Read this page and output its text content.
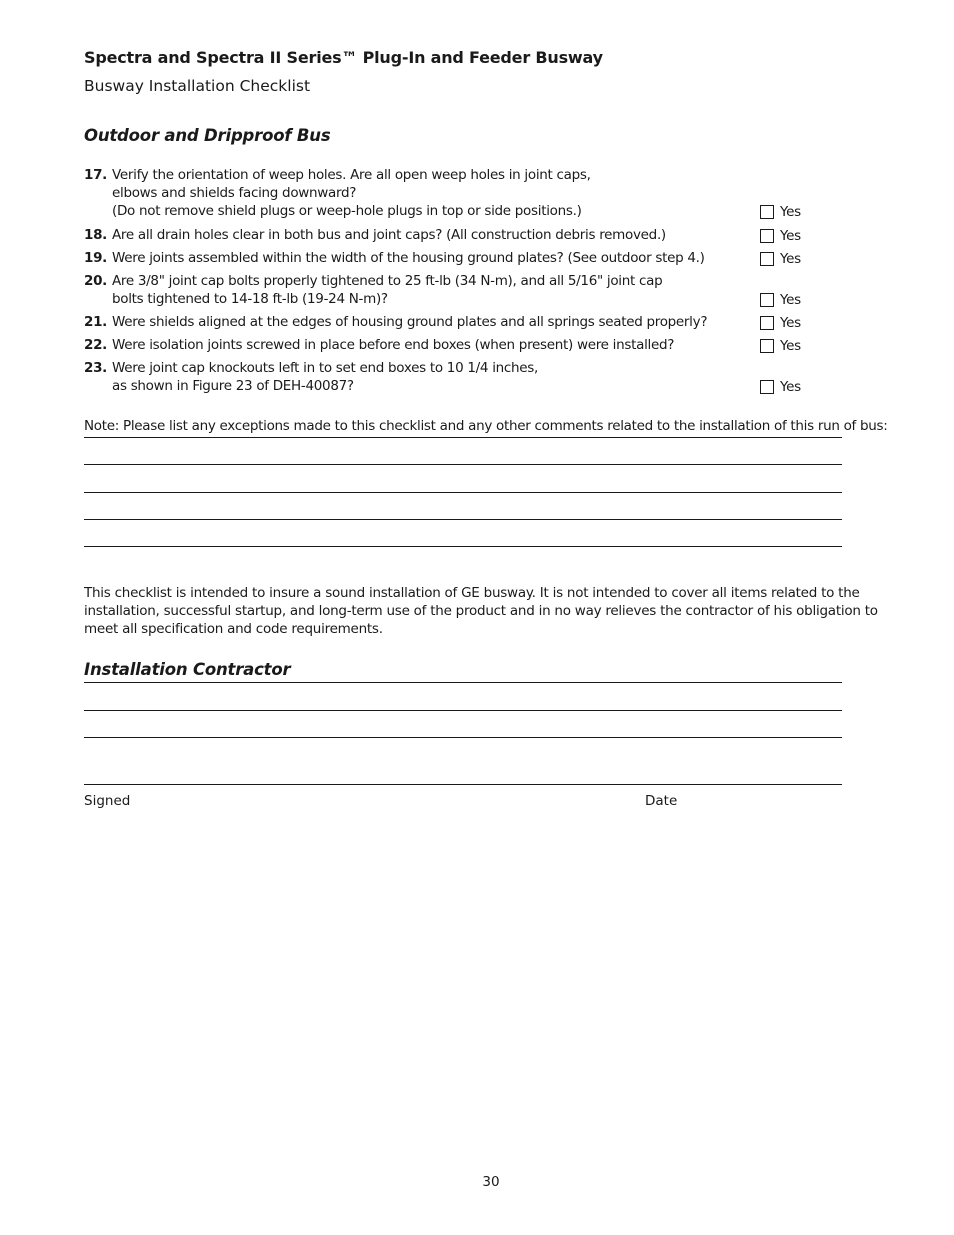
Spectra and Spectra II Series™ Plug-In and Feeder Busway
Busway Installation Checklist
Outdoor and Dripproof Bus
17. Verify the orientation of weep holes. Are all open weep holes in joint caps,
elbows and shields facing downward?
(Do not remove shield plugs or weep-hole plugs in top or side positions.)	Yes
18. Are all drain holes clear in both bus and joint caps? (All construction debris removed.)	Yes
19. Were joints assembled within the width of the housing ground plates? (See outdoor step 4.)	Yes
20. Are 3/8" joint cap bolts properly tightened to 25 ft-lb (34 N-m), and all 5/16" joint cap
bolts tightened to 14-18 ft-lb (19-24 N-m)?	Yes
21. Were shields aligned at the edges of housing ground plates and all springs seated properly?	Yes
22. Were isolation joints screwed in place before end boxes (when present) were installed?	Yes
23. Were joint cap knockouts left in to set end boxes to 10 1/4 inches,
as shown in Figure 23 of DEH-40087?	Yes
Note: Please list any exceptions made to this checklist and any other comments related to the installation of this run of bus:
This checklist is intended to insure a sound installation of GE busway. It is not intended to cover all items related to the
installation, successful startup, and long-term use of the product and in no way relieves the contractor of his obligation to
meet all specification and code requirements.
Installation Contractor
Signed	Date
30
